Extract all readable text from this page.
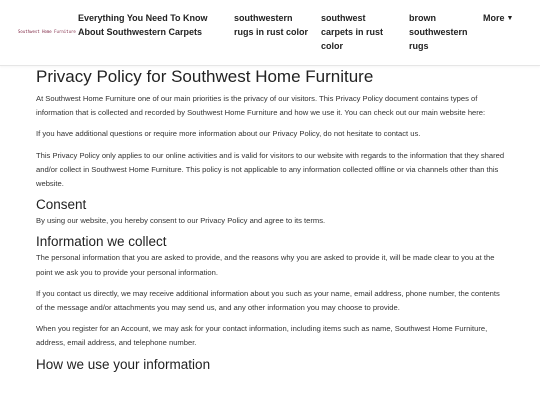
Southwest Home Furniture
Everything You Need To Know About Southwestern Carpets
southwestern rugs in rust color
southwest carpets in rust color
brown southwestern rugs
More ▼
Privacy Policy for Southwest Home Furniture

At Southwest Home Furniture one of our main priorities is the privacy of our visitors. This Privacy Policy document contains types of information that is collected and recorded by Southwest Home Furniture and how we use it. You can check out our main website here:

If you have additional questions or require more information about our Privacy Policy, do not hesitate to contact us.

This Privacy Policy only applies to our online activities and is valid for visitors to our website with regards to the information that they shared and/or collect in Southwest Home Furniture. This policy is not applicable to any information collected offline or via channels other than this website.

Consent

By using our website, you hereby consent to our Privacy Policy and agree to its terms.

Information we collect

The personal information that you are asked to provide, and the reasons why you are asked to provide it, will be made clear to you at the point we ask you to provide your personal information.

If you contact us directly, we may receive additional information about you such as your name, email address, phone number, the contents of the message and/or attachments you may send us, and any other information you may choose to provide.

When you register for an Account, we may ask for your contact information, including items such as name, Southwest Home Furniture, address, email address, and telephone number.

How we use your information
